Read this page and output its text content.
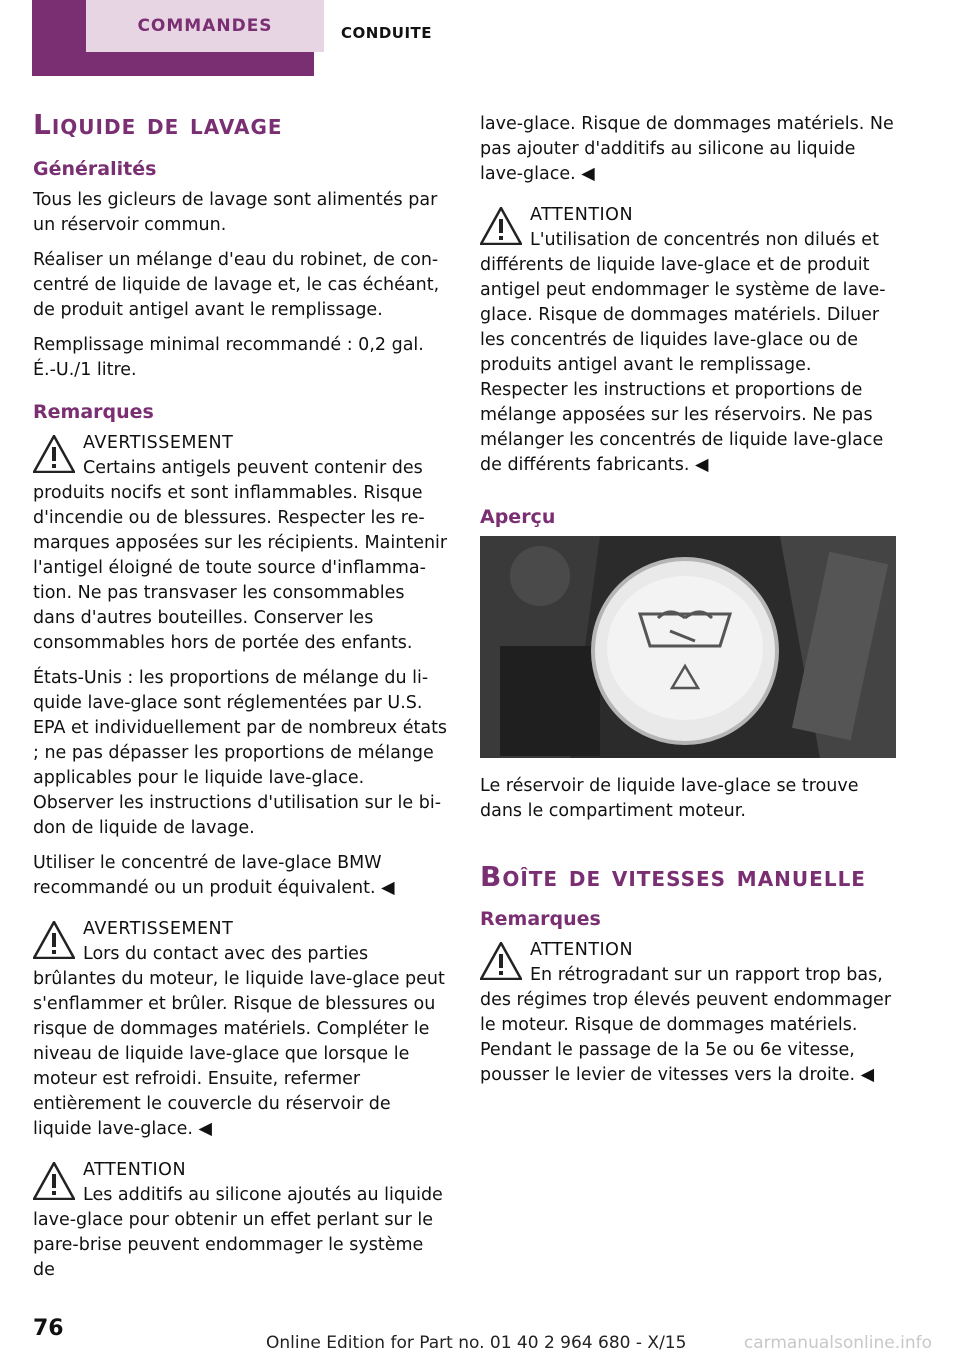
COMMANDES	CONDUITE
Liquide de lavage
Généralités

Tous les gicleurs de lavage sont alimentés par un réservoir commun.

Réaliser un mélange d'eau du robinet, de concentré de liquide de lavage et, le cas échéant, de produit antigel avant le remplissage.

Remplissage minimal recommandé : 0,2 gal. É.-U./1 litre.

Remarques
AVERTISSEMENT
Certains antigels peuvent contenir des produits nocifs et sont inflammables. Risque d'incendie ou de blessures. Respecter les remarques apposées sur les récipients. Maintenir l'antigel éloigné de toute source d'inflammation. Ne pas transvaser les consommables dans d'autres bouteilles. Conserver les consommables hors de portée des enfants.

États-Unis : les proportions de mélange du liquide lave-glace sont réglementées par U.S. EPA et individuellement par de nombreux états ; ne pas dépasser les proportions de mélange applicables pour le liquide lave-glace. Observer les instructions d'utilisation sur le bidon de liquide de lavage.

Utiliser le concentré de lave-glace BMW recommandé ou un produit équivalent. ◀

AVERTISSEMENT
Lors du contact avec des parties brûlantes du moteur, le liquide lave-glace peut s'enflammer et brûler. Risque de blessures ou risque de dommages matériels. Compléter le niveau de liquide lave-glace que lorsque le moteur est refroidi. Ensuite, refermer entièrement le couvercle du réservoir de liquide lave-glace. ◀
ATTENTION
Les additifs au silicone ajoutés au liquide lave-glace pour obtenir un effet perlant sur le pare-brise peuvent endommager le système de

lave-glace. Risque de dommages matériels. Ne pas ajouter d'additifs au silicone au liquide lave-glace. ◀

ATTENTION
L'utilisation de concentrés non dilués et différents de liquide lave-glace et de produit antigel peut endommager le système de laveglace. Risque de dommages matériels. Diluer les concentrés de liquides lave-glace ou de produits antigel avant le remplissage. Respecter les instructions et proportions de mélange apposées sur les réservoirs. Ne pas mélanger les concentrés de liquide lave-glace de différents fabricants. ◀
Aperçu

Le réservoir de liquide lave-glace se trouve dans le compartiment moteur.

Boîte de vitesses manuelle
Remarques
ATTENTION
En rétrogradant sur un rapport trop bas, des régimes trop élevés peuvent endommager le moteur. Risque de dommages matériels. Pendant le passage de la 5e ou 6e vitesse, pousser le levier de vitesses vers la droite. ◀
76
Online Edition for Part no. 01 40 2 964 680 - X/15	carmanualsonline.info
